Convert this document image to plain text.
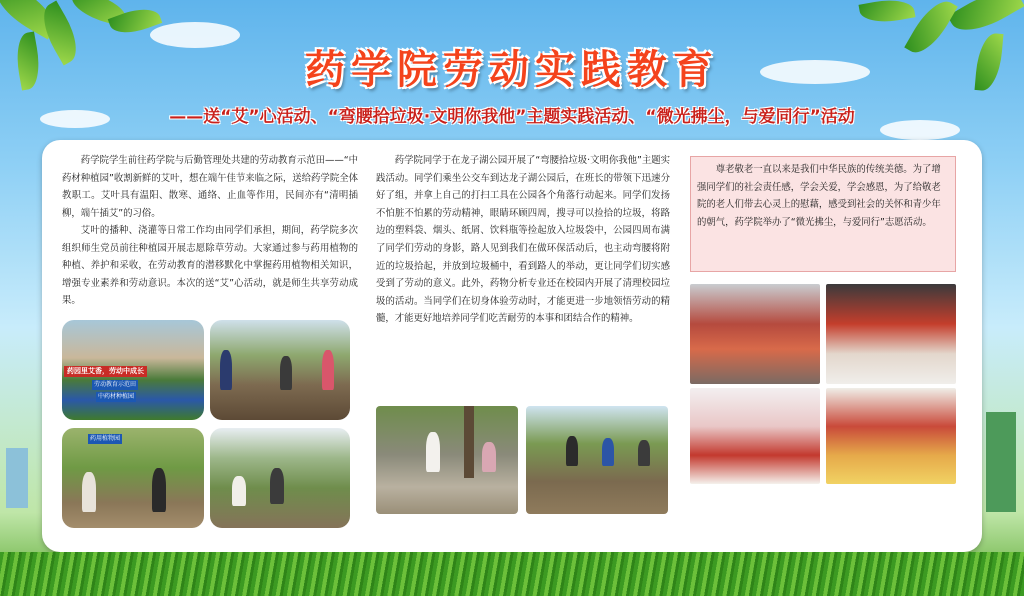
药学院劳动实践教育
——送“艾”心活动、“弯腰拾垃圾·文明你我他”主题实践活动、“微光拂尘，与爱同行”活动

药学院学生前往药学院与后勤管理处共建的劳动教育示范田——“中药材种植园”收割新鲜的艾叶，想在端午佳节来临之际，送给药学院全体教职工。艾叶具有温阳、散寒、通络、止血等作用，民间亦有“清明插柳，端午插艾”的习俗。

艾叶的播种、浇灌等日常工作均由同学们承担，期间，药学院多次组织师生党员前往种植园开展志愿除草劳动。大家通过参与药用植物的种植、养护和采收，在劳动教育的潜移默化中掌握药用植物相关知识，增强专业素养和劳动意识。本次的送“艾”心活动，就是师生共享劳动成果。

药园里艾香，劳动中成长
劳动教育示范田
中药材种植园
药用植物园

药学院同学于在龙子湖公园开展了“弯腰拾垃圾·文明你我他”主题实践活动。同学们乘坐公交车到达龙子湖公园后，在班长的带领下迅速分好了组，并拿上自己的打扫工具在公园各个角落行动起来。同学们发扬不怕脏不怕累的劳动精神，眼睛环顾四周，搜寻可以捡拾的垃圾，将路边的塑料袋、烟头、纸屑、饮料瓶等捡起放入垃圾袋中，公园四周布满了同学们劳动的身影，路人见到我们在做环保活动后，也主动弯腰将附近的垃圾拾起，并放到垃圾桶中，看到路人的举动，更让同学们切实感受到了劳动的意义。此外，药物分析专业还在校园内开展了清理校园垃圾的活动。当同学们在切身体验劳动时，才能更进一步地领悟劳动的精髓，才能更好地培养同学们吃苦耐劳的本事和团结合作的精神。

尊老敬老一直以来是我们中华民族的传统美德。为了增强同学们的社会责任感，学会关爱，学会感恩，为了给敬老院的老人们带去心灵上的慰藉，感受到社会的关怀和青少年的朝气，药学院举办了“微光拂尘，与爱同行”志愿活动。
